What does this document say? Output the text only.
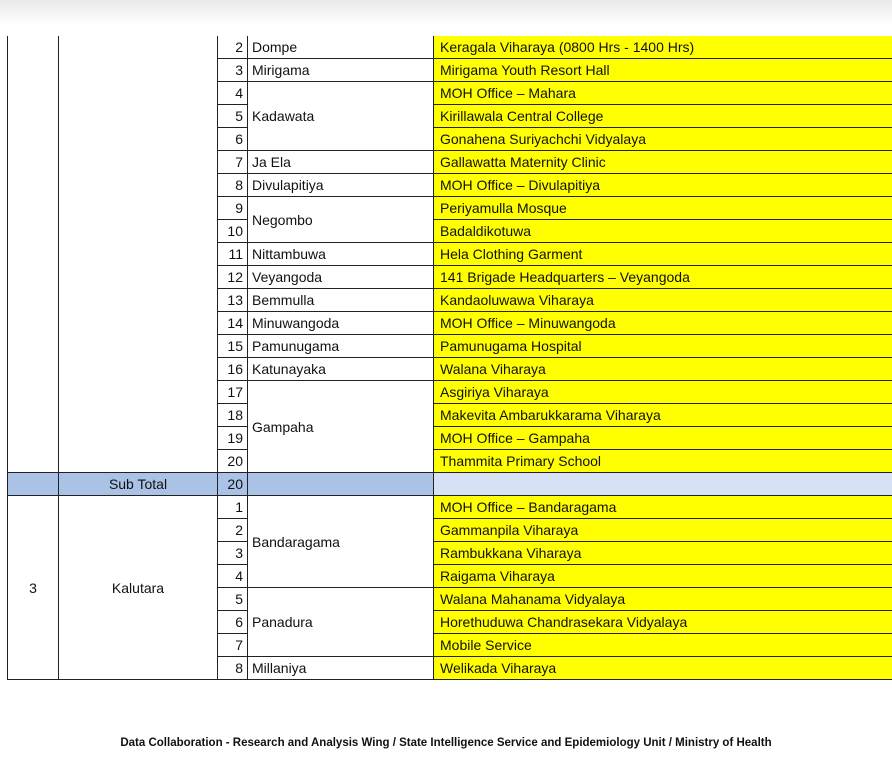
		2	Dompe	Keragala Viharaya (0800 Hrs - 1400 Hrs)
		3	Mirigama	Mirigama Youth Resort Hall
		4	Kadawata	MOH Office – Mahara
		5		Kirillawala Central College
		6		Gonahena Suriyachchi Vidyalaya
		7	Ja Ela	Gallawatta Maternity Clinic
		8	Divulapitiya	MOH Office – Divulapitiya
		9	Negombo	Periyamulla Mosque
		10		Badaldikotuwa
		11	Nittambuwa	Hela Clothing Garment
		12	Veyangoda	141 Brigade Headquarters – Veyangoda
		13	Bemmulla	Kandaoluwawa Viharaya
		14	Minuwangoda	MOH Office – Minuwangoda
		15	Pamunugama	Pamunugama Hospital
		16	Katunayaka	Walana Viharaya
		17	Gampaha	Asgiriya Viharaya
		18		Makevita Ambarukkarama Viharaya
		19		MOH Office – Gampaha
		20		Thammita Primary School
	Sub Total	20		
3	Kalutara	1	Bandaragama	MOH Office – Bandaragama
		2		Gammanpila Viharaya
		3		Rambukkana Viharaya
		4		Raigama Viharaya
		5	Panadura	Walana Mahanama Vidyalaya
		6		Horethuduwa Chandrasekara Vidyalaya
		7		Mobile Service
		8	Millaniya	Welikada Viharaya
Data Collaboration - Research and Analysis Wing / State Intelligence Service and Epidemiology Unit / Ministry of Health
